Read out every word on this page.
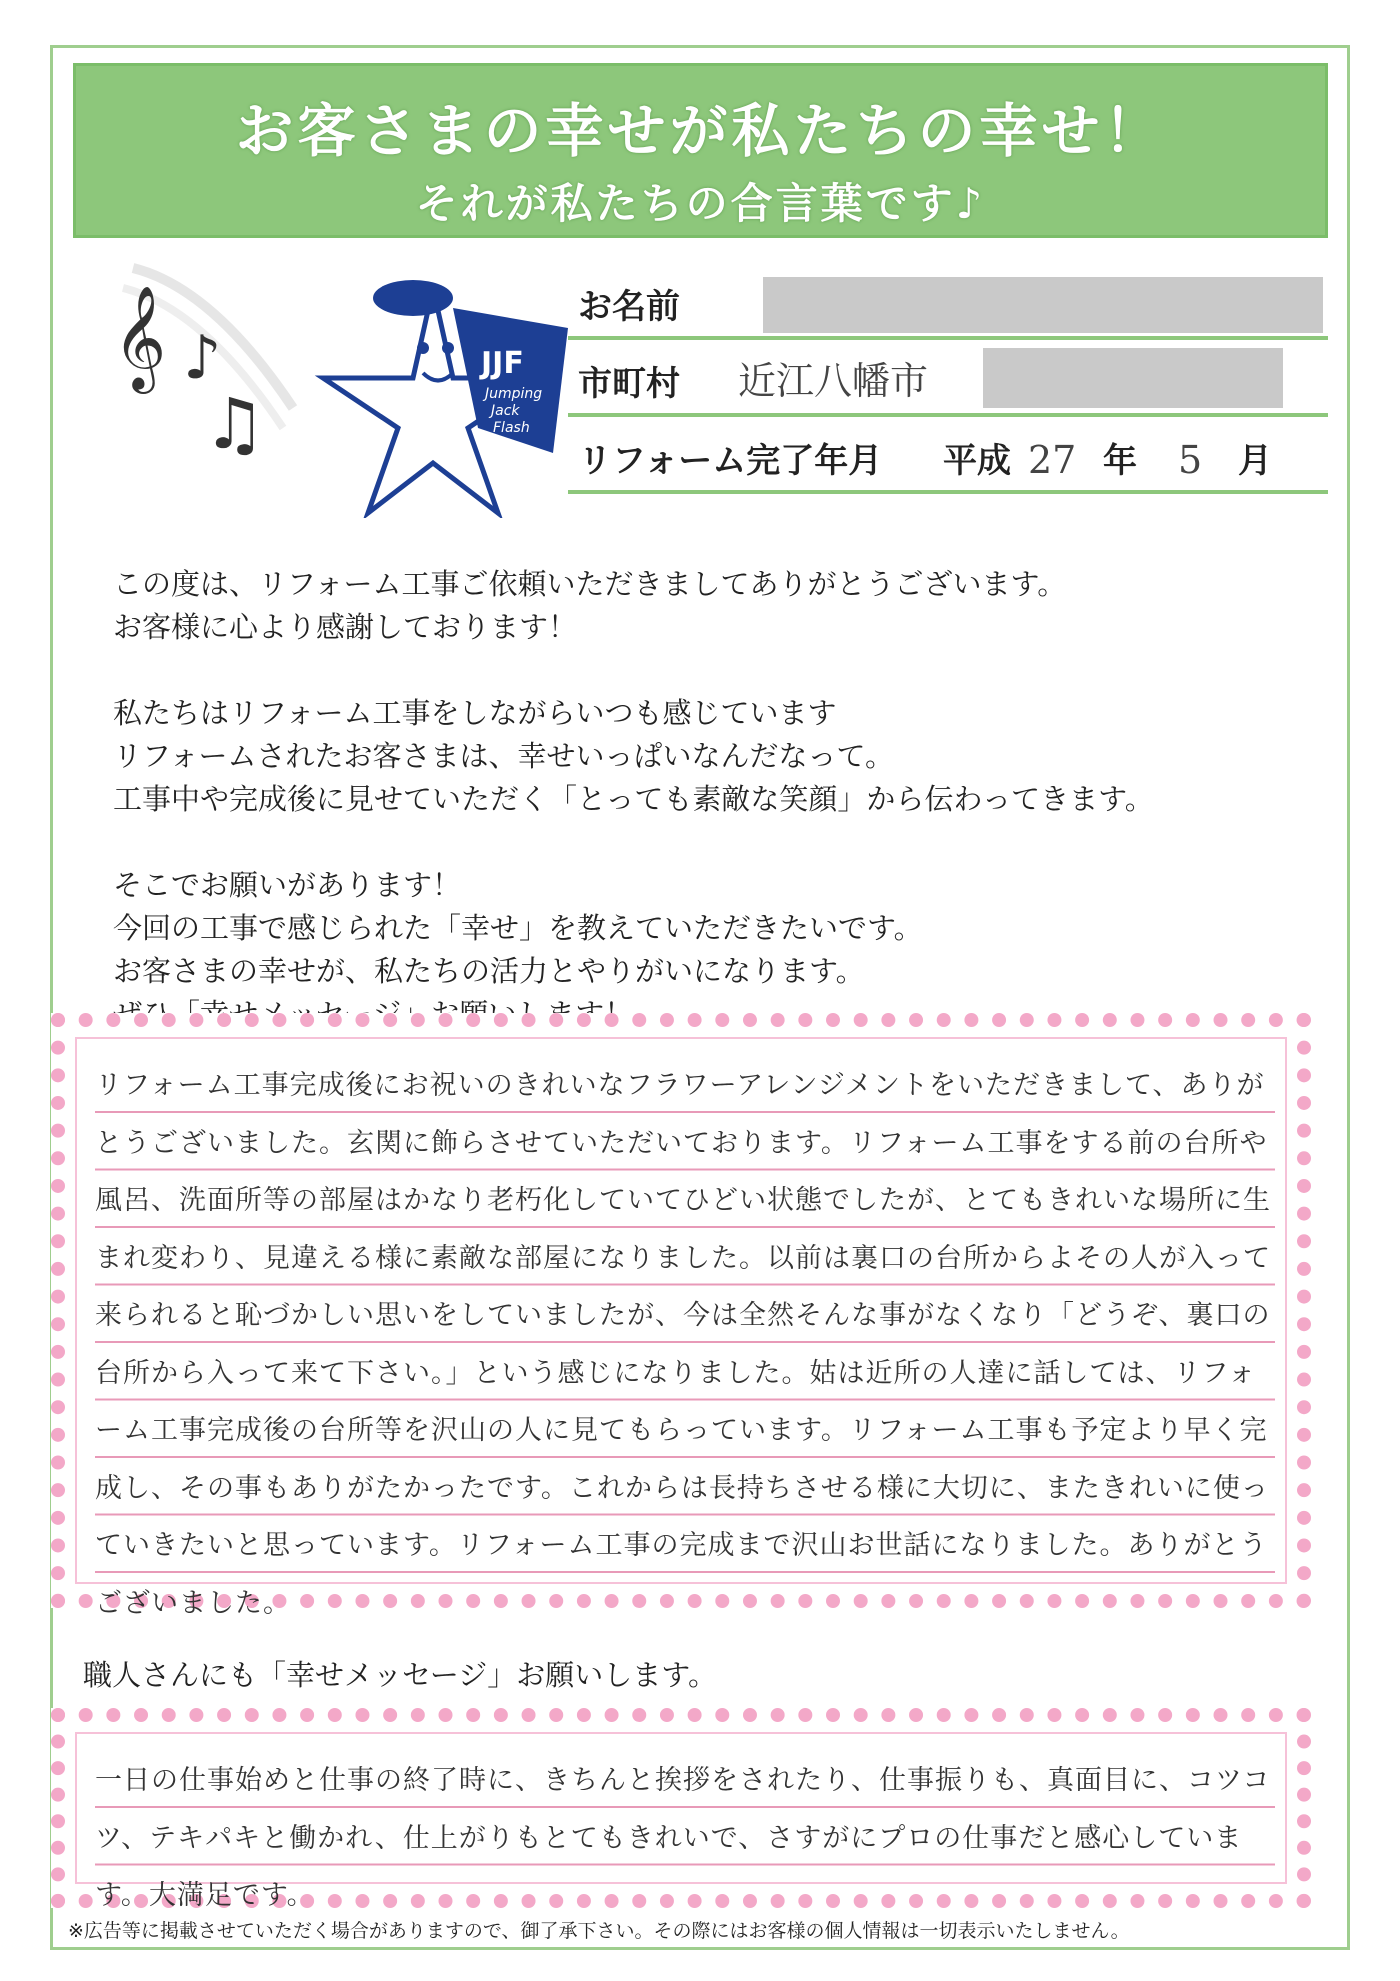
お客さまの幸せが私たちの幸せ！
それが私たちの合言葉です♪
𝄞 ♪
♫
JJF
Jumping
Jack
Flash
お名前
市町村 近江八幡市
リフォーム完了年月 平成 27 年 5 月

この度は、リフォーム工事ご依頼いただきましてありがとうございます。
お客様に心より感謝しております！

私たちはリフォーム工事をしながらいつも感じています
リフォームされたお客さまは、幸せいっぱいなんだなって。
工事中や完成後に見せていただく「とっても素敵な笑顔」から伝わってきます。

そこでお願いがあります！
今回の工事で感じられた「幸せ」を教えていただきたいです。
お客さまの幸せが、私たちの活力とやりがいになります。

リフォーム工事完成後にお祝いのきれいなフラワーアレンジメントをいただきまして、ありがとうございました。玄関に飾らさせていただいております。リフォーム工事をする前の台所や風呂、洗面所等の部屋はかなり老朽化していてひどい状態でしたが、とてもきれいな場所に生まれ変わり、見違える様に素敵な部屋になりました。以前は裏口の台所からよその人が入って来られると恥づかしい思いをしていましたが、今は全然そんな事がなくなり「どうぞ、裏口の台所から入って来て下さい。」という感じになりました。姑は近所の人達に話しては、リフォーム工事完成後の台所等を沢山の人に見てもらっています。リフォーム工事も予定より早く完成し、その事もありがたかったです。これからは長持ちさせる様に大切に、またきれいに使っていきたいと思っています。リフォーム工事の完成まで沢山お世話になりました。ありがとうございました。
職人さんにも「幸せメッセージ」お願いします。
一日の仕事始めと仕事の終了時に、きちんと挨拶をされたり、仕事振りも、真面目に、コツコツ、テキパキと働かれ、仕上がりもとてもきれいで、さすがにプロの仕事だと感心しています。大満足です。
※広告等に掲載させていただく場合がありますので、御了承下さい。その際にはお客様の個人情報は一切表示いたしません。
